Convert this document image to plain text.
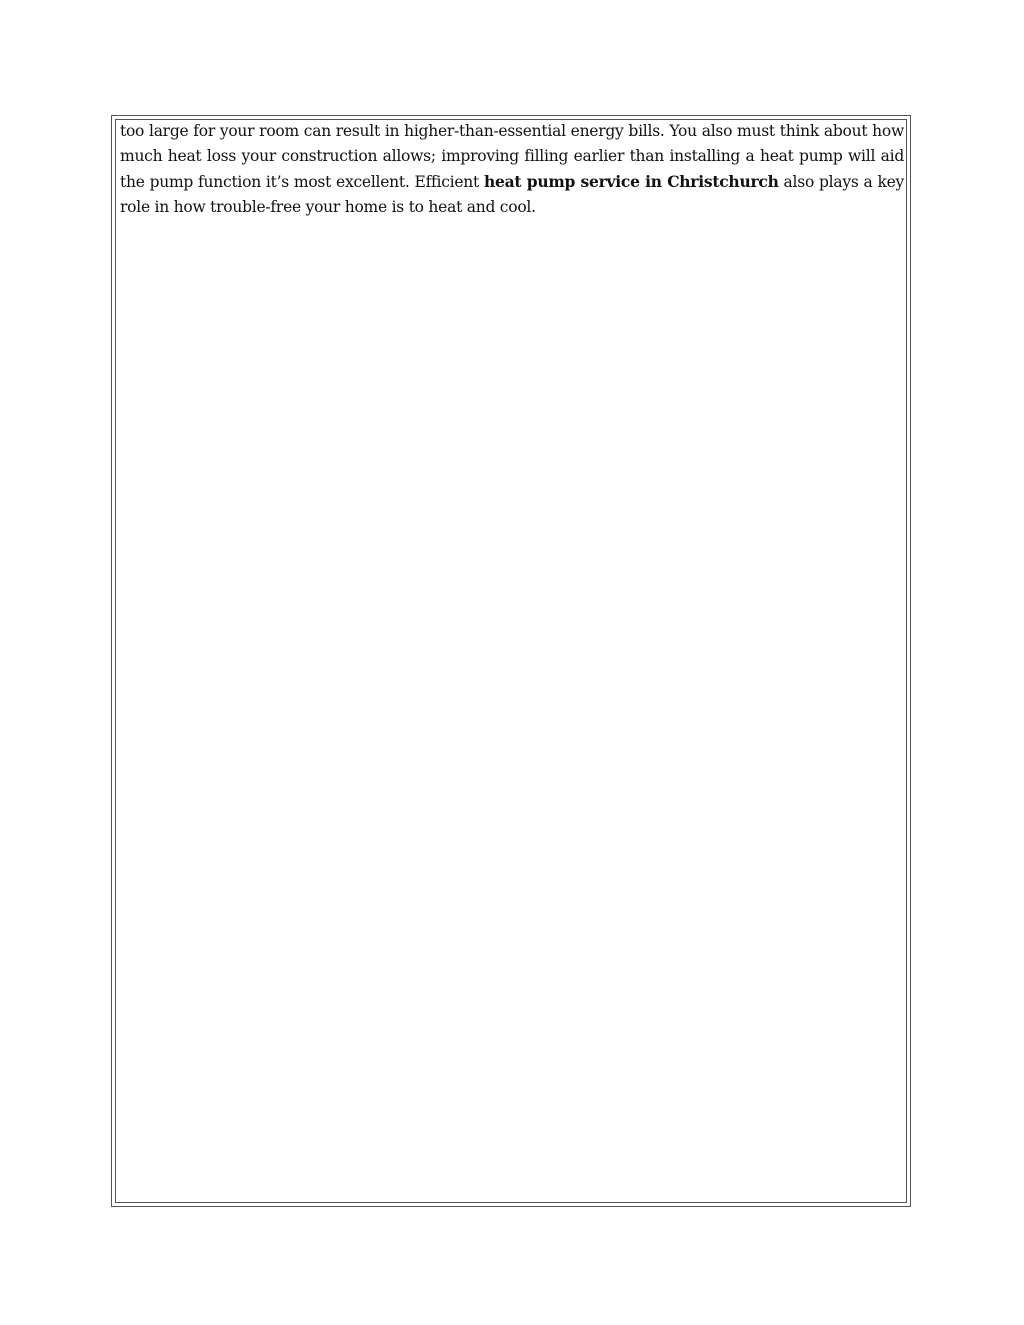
too large for your room can result in higher-than-essential energy bills. You also must think about how much heat loss your construction allows; improving filling earlier than installing a heat pump will aid the pump function it’s most excellent. Efficient heat pump service in Christchurch also plays a key role in how trouble-free your home is to heat and cool.
